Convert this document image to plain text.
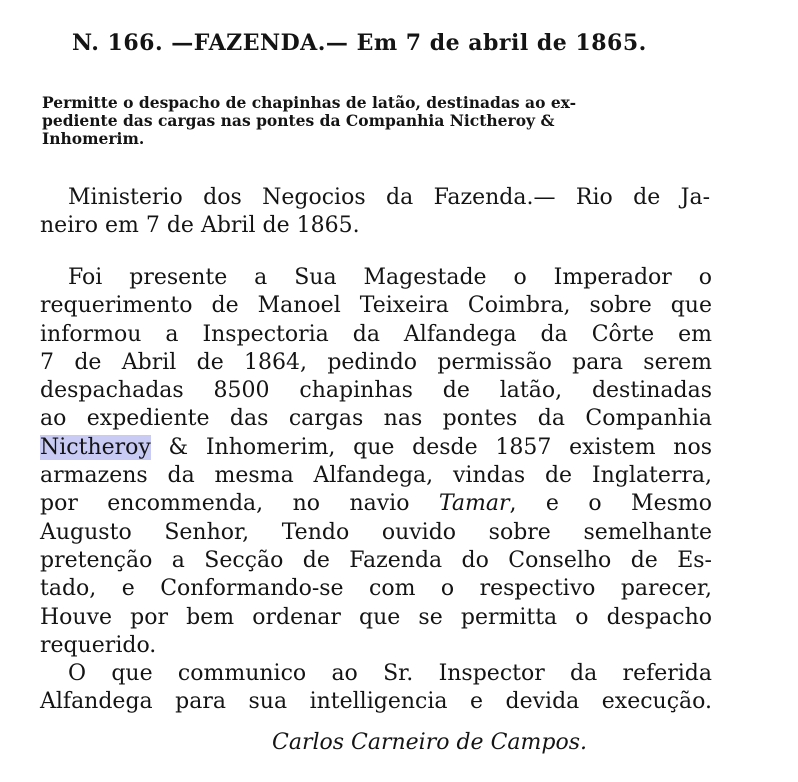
N. 166. —FAZENDA.— Em 7 de abril de 1865.
Permitte o despacho de chapinhas de latão, destinadas ao ex-
pediente das cargas nas pontes da Companhia Nictheroy &
Inhomerim.
Ministerio dos Negocios da Fazenda.— Rio de Ja-
neiro em 7 de Abril de 1865.
Foi presente a Sua Magestade o Imperador o
requerimento de Manoel Teixeira Coimbra, sobre que
informou a Inspectoria da Alfandega da Côrte em
7 de Abril de 1864, pedindo permissão para serem
despachadas 8500 chapinhas de latão, destinadas
ao expediente das cargas nas pontes da Companhia
Nictheroy & Inhomerim, que desde 1857 existem nos
armazens da mesma Alfandega, vindas de Inglaterra,
por encommenda, no navio Tamar, e o Mesmo
Augusto Senhor, Tendo ouvido sobre semelhante
pretenção a Secção de Fazenda do Conselho de Es-
tado, e Conformando-se com o respectivo parecer,
Houve por bem ordenar que se permitta o despacho
requerido.
O que communico ao Sr. Inspector da referida
Alfandega para sua intelligencia e devida execução.
Carlos Carneiro de Campos.
